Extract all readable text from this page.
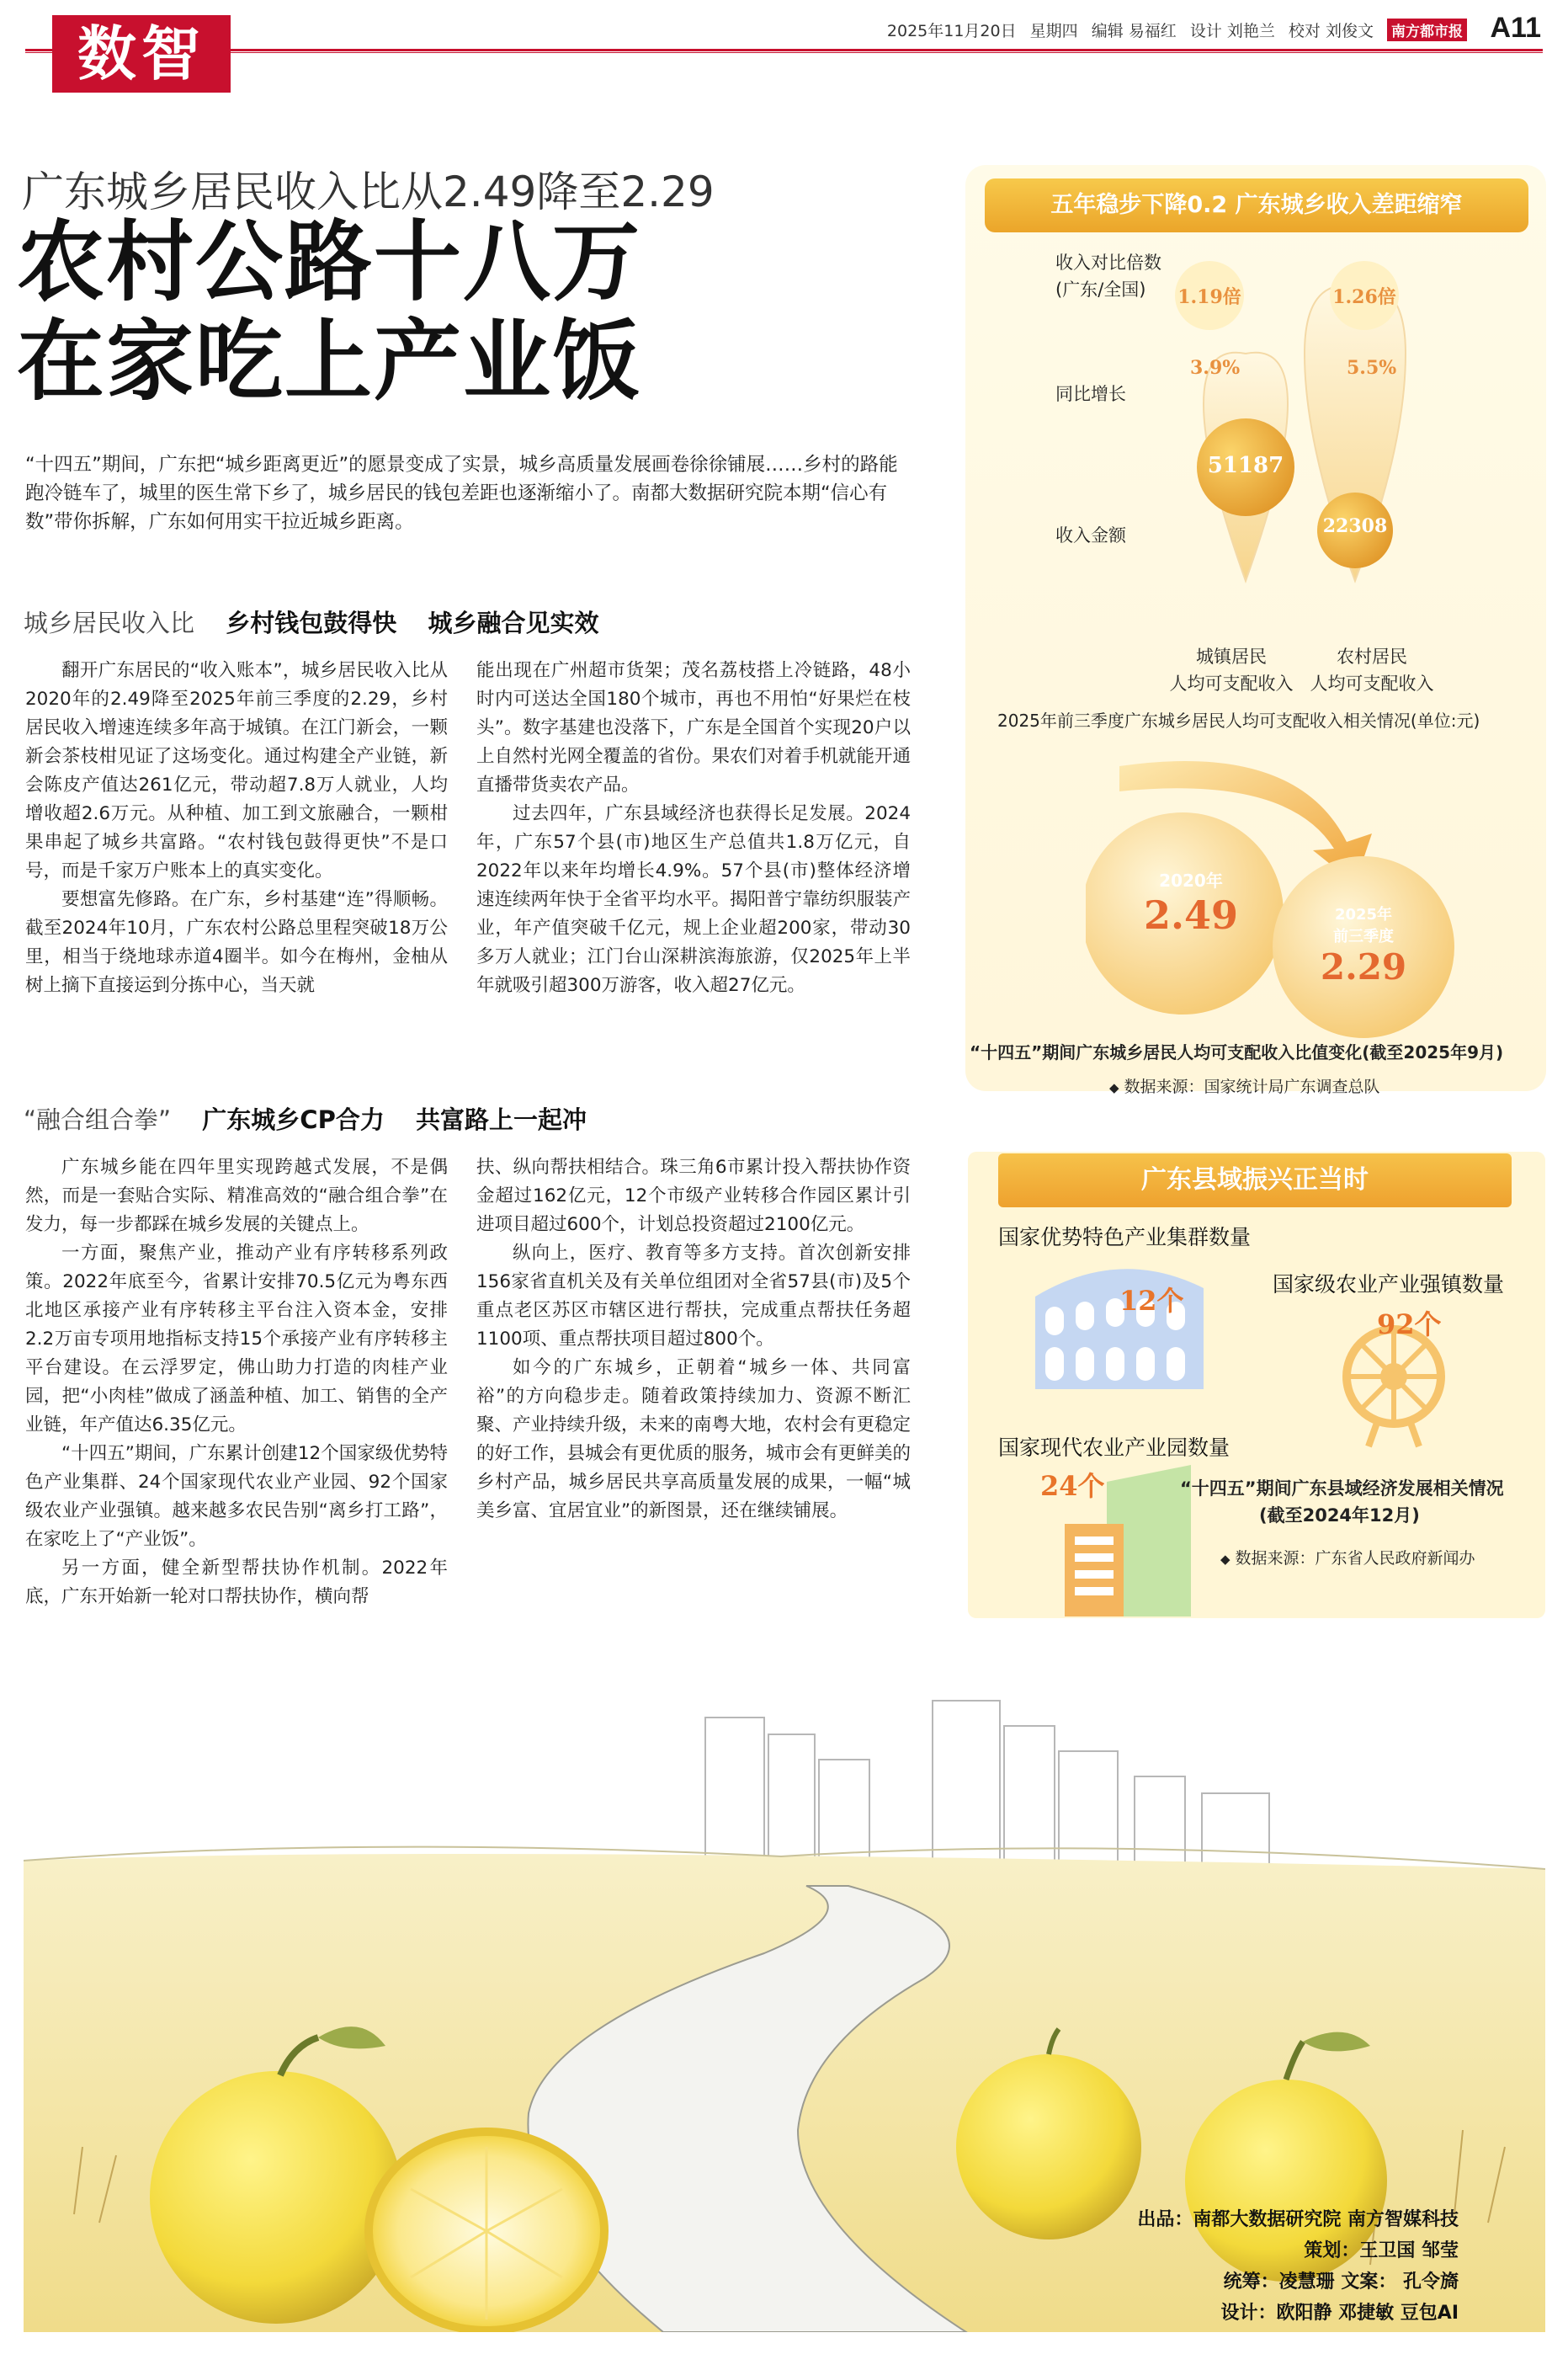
数智	2025年11月20日 星期四 编辑 易福红 设计 刘艳兰 校对 刘俊文 南方都市报 A11
广东城乡居民收入比从2.49降至2.29
农村公路十八万
在家吃上产业饭
“十四五”期间，广东把“城乡距离更近”的愿景变成了实景，城乡高质量发展画卷徐徐铺展……乡村的路能跑冷链车了，城里的医生常下乡了，城乡居民的钱包差距也逐渐缩小了。南都大数据研究院本期“信心有数”带你拆解，广东如何用实干拉近城乡距离。
城乡居民收入比 乡村钱包鼓得快 城乡融合见实效

翻开广东居民的“收入账本”，城乡居民收入比从2020年的2.49降至2025年前三季度的2.29，乡村居民收入增速连续多年高于城镇。在江门新会，一颗新会茶枝柑见证了这场变化。通过构建全产业链，新会陈皮产值达261亿元，带动超7.8万人就业，人均增收超2.6万元。从种植、加工到文旅融合，一颗柑果串起了城乡共富路。“农村钱包鼓得更快”不是口号，而是千家万户账本上的真实变化。

要想富先修路。在广东，乡村基建“连”得顺畅。截至2024年10月，广东农村公路总里程突破18万公里，相当于绕地球赤道4圈半。如今在梅州，金柚从树上摘下直接运到分拣中心，当天就

能出现在广州超市货架；茂名荔枝搭上冷链路，48小时内可送达全国180个城市，再也不用怕“好果烂在枝头”。数字基建也没落下，广东是全国首个实现20户以上自然村光网全覆盖的省份。果农们对着手机就能开通直播带货卖农产品。

过去四年，广东县域经济也获得长足发展。2024年，广东57个县(市)地区生产总值共1.8万亿元，自2022年以来年均增长4.9%。57个县(市)整体经济增速连续两年快于全省平均水平。揭阳普宁靠纺织服装产业，年产值突破千亿元，规上企业超200家，带动30多万人就业；江门台山深耕滨海旅游，仅2025年上半年就吸引超300万游客，收入超27亿元。

“融合组合拳” 广东城乡CP合力 共富路上一起冲

广东城乡能在四年里实现跨越式发展，不是偶然，而是一套贴合实际、精准高效的“融合组合拳”在发力，每一步都踩在城乡发展的关键点上。

一方面，聚焦产业，推动产业有序转移系列政策。2022年底至今，省累计安排70.5亿元为粤东西北地区承接产业有序转移主平台注入资本金，安排2.2万亩专项用地指标支持15个承接产业有序转移主平台建设。在云浮罗定，佛山助力打造的肉桂产业园，把“小肉桂”做成了涵盖种植、加工、销售的全产业链，年产值达6.35亿元。

“十四五”期间，广东累计创建12个国家级优势特色产业集群、24个国家现代农业产业园、92个国家级农业产业强镇。越来越多农民告别“离乡打工路”，在家吃上了“产业饭”。

另一方面，健全新型帮扶协作机制。2022年底，广东开始新一轮对口帮扶协作，横向帮

扶、纵向帮扶相结合。珠三角6市累计投入帮扶协作资金超过162亿元，12个市级产业转移合作园区累计引进项目超过600个，计划总投资超过2100亿元。

纵向上，医疗、教育等多方支持。首次创新安排156家省直机关及有关单位组团对全省57县(市)及5个重点老区苏区市辖区进行帮扶，完成重点帮扶任务超1100项、重点帮扶项目超过800个。

如今的广东城乡，正朝着“城乡一体、共同富裕”的方向稳步走。随着政策持续加力、资源不断汇聚、产业持续升级，未来的南粤大地，农村会有更稳定的好工作，县城会有更优质的服务，城市会有更鲜美的乡村产品，城乡居民共享高质量发展的成果，一幅“城美乡富、宜居宜业”的新图景，还在继续铺展。

五年稳步下降0.2 广东城乡收入差距缩窄
收入对比倍数
(广东/全国)
同比增长
收入金额
1.19倍	1.26倍
3.9%	5.5%
51187
22308
城镇居民
人均可支配收入
农村居民
人均可支配收入
2025年前三季度广东城乡居民人均可支配收入相关情况(单位:元)
2020年
2.49	2025年
前三季度
2.29
“十四五”期间广东城乡居民人均可支配收入比值变化(截至2025年9月)
◆ 数据来源：国家统计局广东调查总队
广东县域振兴正当时
国家优势特色产业集群数量
12个
国家级农业产业强镇数量
92个
国家现代农业产业园数量
24个	“十四五”期间广东县域经济发展相关情况
(截至2024年12月)
◆ 数据来源：广东省人民政府新闻办
出品：南都大数据研究院 南方智媒科技
策划：王卫国 邹莹
统筹：凌慧珊 文案： 孔令旖
设计：欧阳静 邓捷敏 豆包AI
